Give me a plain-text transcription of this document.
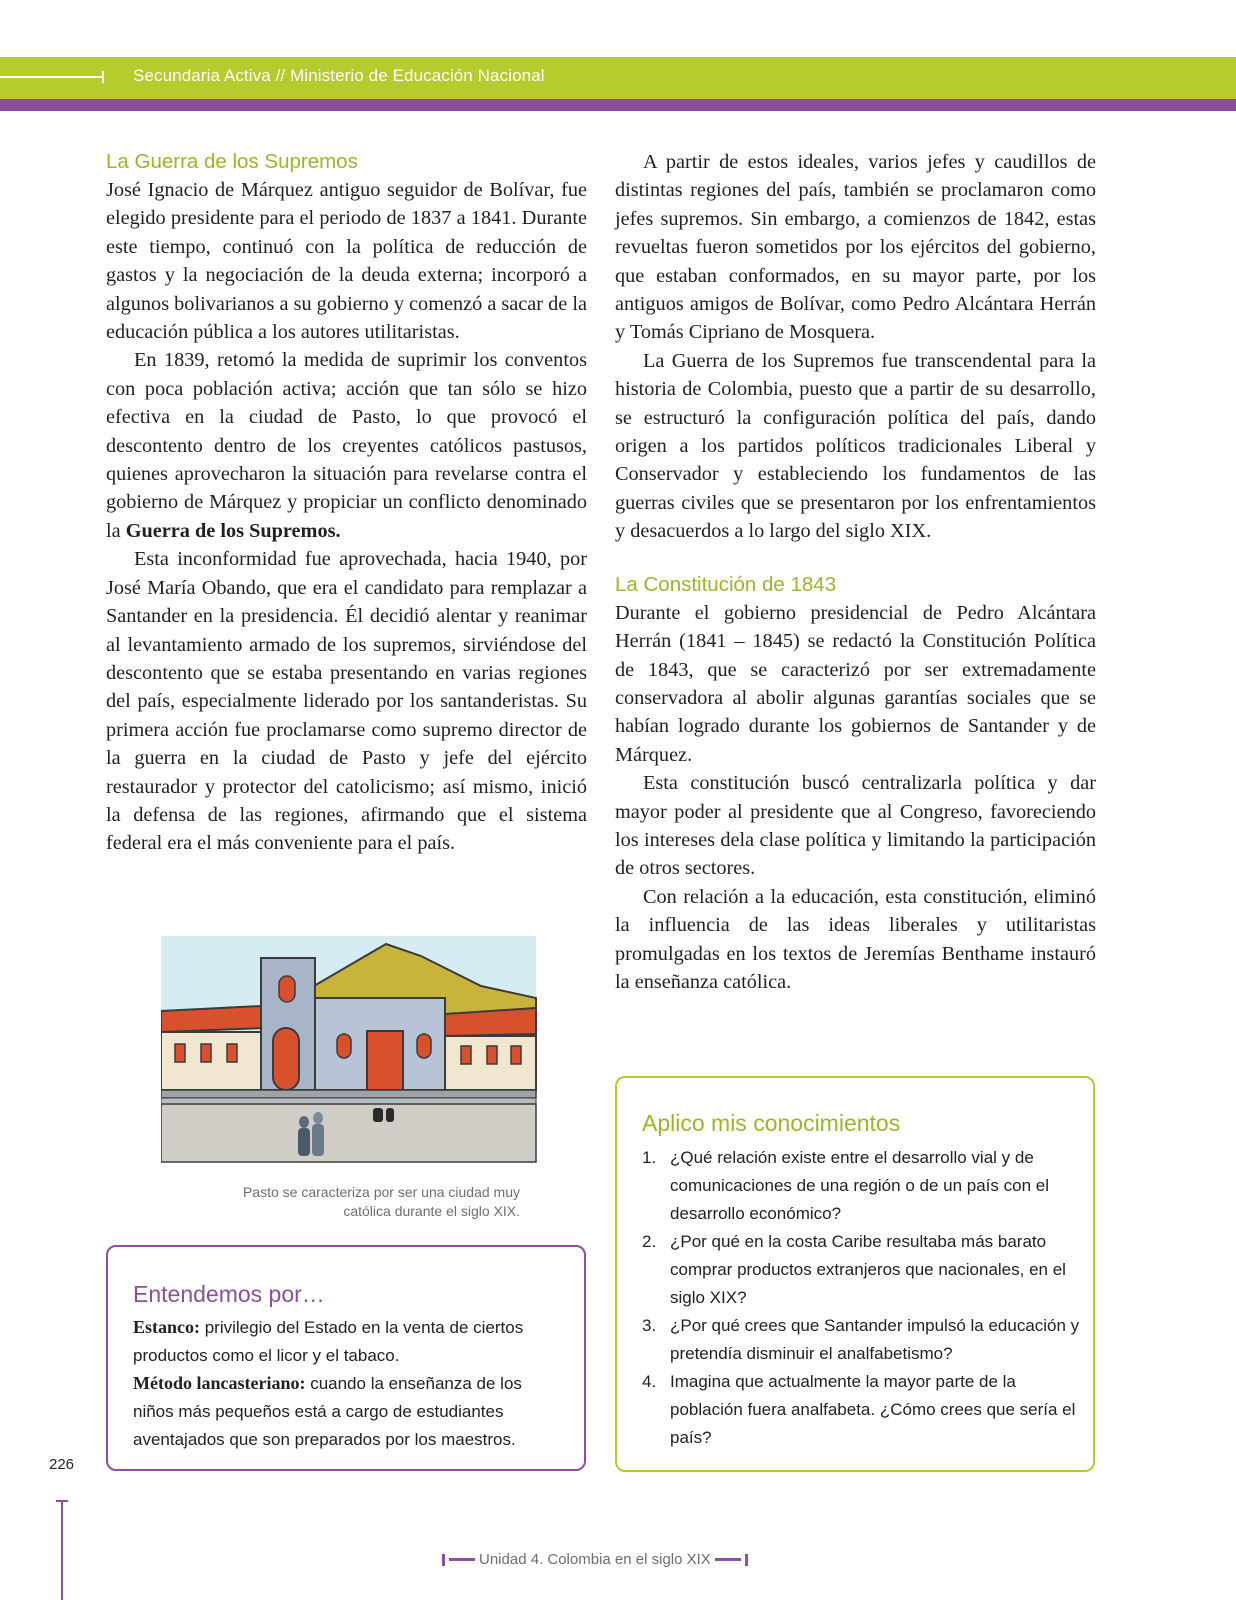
Secundaria Activa // Ministerio de Educación Nacional
La Guerra de los Supremos

José Ignacio de Márquez antiguo seguidor de Bolívar, fue elegido presidente para el periodo de 1837 a 1841. Durante este tiempo, continuó con la política de reducción de gastos y la negociación de la deuda externa; incorporó a algunos bolivarianos a su gobierno y comenzó a sacar de la educación pública a los autores utilitaristas.

En 1839, retomó la medida de suprimir los conventos con poca población activa; acción que tan sólo se hizo efectiva en la ciudad de Pasto, lo que provocó el descontento dentro de los creyentes católicos pastusos, quienes aprovecharon la situación para revelarse contra el gobierno de Márquez y propiciar un conflicto denominado la Guerra de los Supremos.

Esta inconformidad fue aprovechada, hacia 1940, por José María Obando, que era el candidato para remplazar a Santander en la presidencia. Él decidió alentar y reanimar al levantamiento armado de los supremos, sirviéndose del descontento que se estaba presentando en varias regiones del país, especialmente liderado por los santanderistas. Su primera acción fue proclamarse como supremo director de la guerra en la ciudad de Pasto y jefe del ejército restaurador y protector del catolicismo; así mismo, inició la defensa de las regiones, afirmando que el sistema federal era el más conveniente para el país.

Pasto se caracteriza por ser una ciudad muy católica durante el siglo XIX.

A partir de estos ideales, varios jefes y caudillos de distintas regiones del país, también se proclamaron como jefes supremos. Sin embargo, a comienzos de 1842, estas revueltas fueron sometidos por los ejércitos del gobierno, que estaban conformados, en su mayor parte, por los antiguos amigos de Bolívar, como Pedro Alcántara Herrán y Tomás Cipriano de Mosquera.

La Guerra de los Supremos fue transcendental para la historia de Colombia, puesto que a partir de su desarrollo, se estructuró la configuración política del país, dando origen a los partidos políticos tradicionales Liberal y Conservador y estableciendo los fundamentos de las guerras civiles que se presentaron por los enfrentamientos y desacuerdos a lo largo del siglo XIX.

La Constitución de 1843

Durante el gobierno presidencial de Pedro Alcántara Herrán (1841 – 1845) se redactó la Constitución Política de 1843, que se caracterizó por ser extremadamente conservadora al abolir algunas garantías sociales que se habían logrado durante los gobiernos de Santander y de Márquez.

Esta constitución buscó centralizarla política y dar mayor poder al presidente que al Congreso, favoreciendo los intereses dela clase política y limitando la participación de otros sectores.

Con relación a la educación, esta constitución, eliminó la influencia de las ideas liberales y utilitaristas promulgadas en los textos de Jeremías Benthame instauró la enseñanza católica.

Entendemos por…
Estanco: privilegio del Estado en la venta de ciertos productos como el licor y el tabaco.
Método lancasteriano: cuando la enseñanza de los niños más pequeños está a cargo de estudiantes aventajados que son preparados por los maestros.
Aplico mis conocimientos
1. ¿Qué relación existe entre el desarrollo vial y de comunicaciones de una región o de un país con el desarrollo económico?
2. ¿Por qué en la costa Caribe resultaba más barato comprar productos extranjeros que nacionales, en el siglo XIX?
3. ¿Por qué crees que Santander impulsó la educación y pretendía disminuir el analfabetismo?
4. Imagina que actualmente la mayor parte de la población fuera analfabeta. ¿Cómo crees que sería el país?
226
Unidad 4. Colombia en el siglo XIX
